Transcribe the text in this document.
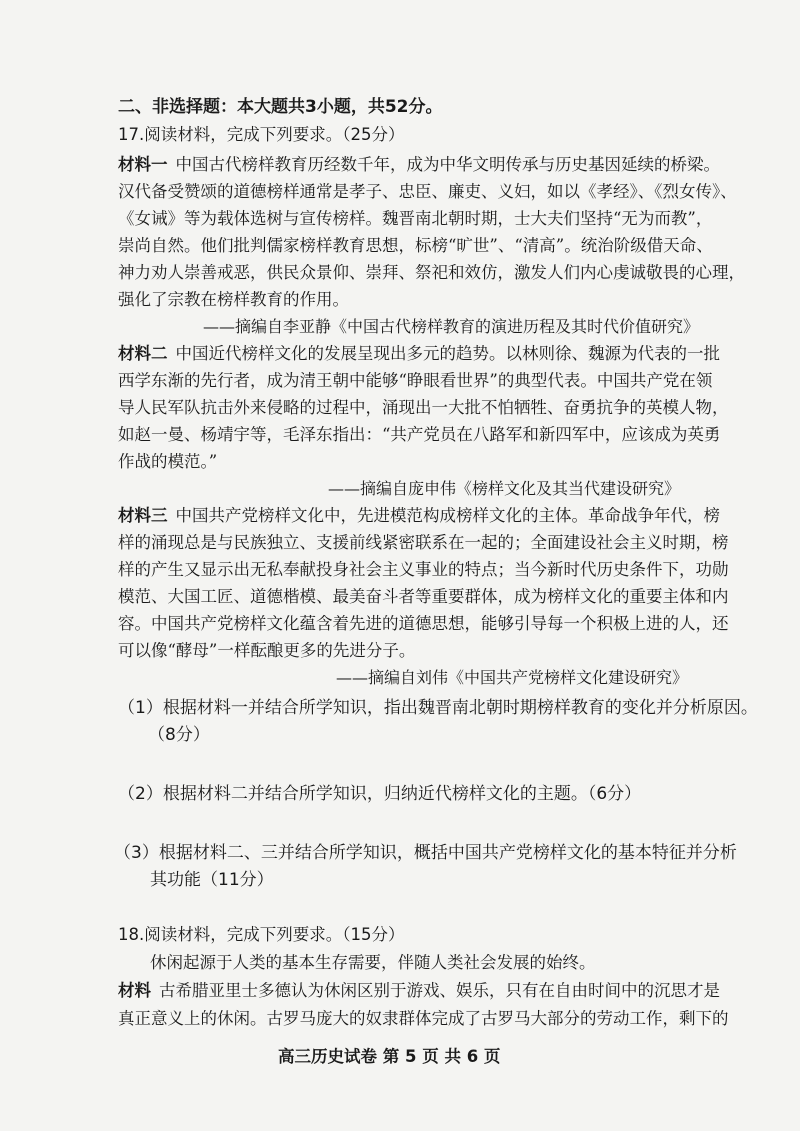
二、非选择题：本大题共3小题，共52分。
17.阅读材料，完成下列要求。（25分）
材料一 中国古代榜样教育历经数千年，成为中华文明传承与历史基因延续的桥梁。
汉代备受赞颂的道德榜样通常是孝子、忠臣、廉吏、义妇，如以《孝经》、《烈女传》、
《女诫》等为载体选树与宣传榜样。魏晋南北朝时期，士大夫们坚持“无为而教”，
崇尚自然。他们批判儒家榜样教育思想，标榜“旷世”、“清高”。统治阶级借天命、
神力劝人崇善戒恶，供民众景仰、崇拜、祭祀和效仿，激发人们内心虔诚敬畏的心理，
强化了宗教在榜样教育的作用。
——摘编自李亚静《中国古代榜样教育的演进历程及其时代价值研究》
材料二 中国近代榜样文化的发展呈现出多元的趋势。以林则徐、魏源为代表的一批
西学东渐的先行者，成为清王朝中能够“睁眼看世界”的典型代表。中国共产党在领
导人民军队抗击外来侵略的过程中，涌现出一大批不怕牺牲、奋勇抗争的英模人物，
如赵一曼、杨靖宇等，毛泽东指出：“共产党员在八路军和新四军中，应该成为英勇
作战的模范。”
——摘编自庞申伟《榜样文化及其当代建设研究》
材料三 中国共产党榜样文化中，先进模范构成榜样文化的主体。革命战争年代，榜
样的涌现总是与民族独立、支援前线紧密联系在一起的；全面建设社会主义时期，榜
样的产生又显示出无私奉献投身社会主义事业的特点；当今新时代历史条件下，功勋
模范、大国工匠、道德楷模、最美奋斗者等重要群体，成为榜样文化的重要主体和内
容。中国共产党榜样文化蕴含着先进的道德思想，能够引导每一个积极上进的人，还
可以像“酵母”一样酝酿更多的先进分子。
——摘编自刘伟《中国共产党榜样文化建设研究》
（1）根据材料一并结合所学知识，指出魏晋南北朝时期榜样教育的变化并分析原因。
（8分）
（2）根据材料二并结合所学知识，归纳近代榜样文化的主题。（6分）
（3）根据材料二、三并结合所学知识，概括中国共产党榜样文化的基本特征并分析
其功能（11分）
18.阅读材料，完成下列要求。（15分）
休闲起源于人类的基本生存需要，伴随人类社会发展的始终。
材料 古希腊亚里士多德认为休闲区别于游戏、娱乐，只有在自由时间中的沉思才是
真正意义上的休闲。古罗马庞大的奴隶群体完成了古罗马大部分的劳动工作，剩下的
高三历史试卷 第 5 页 共 6 页
